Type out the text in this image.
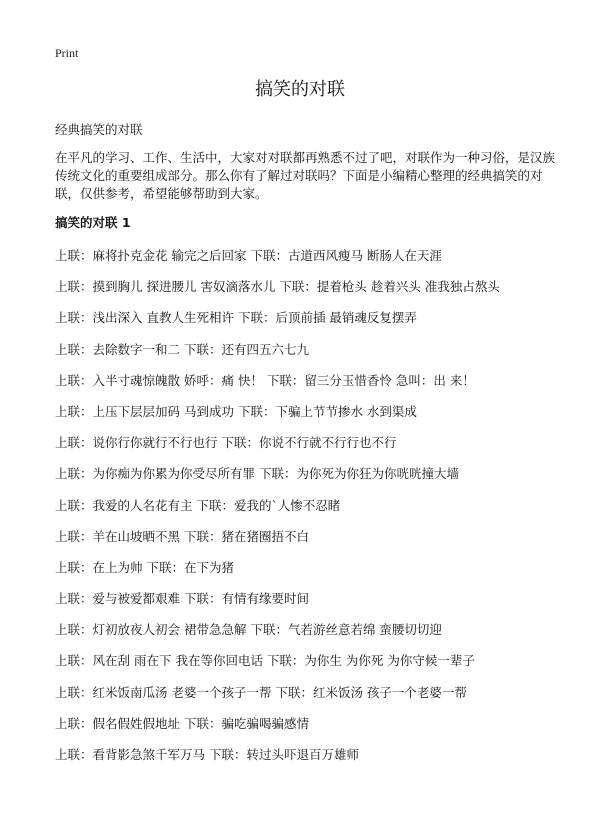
Print
搞笑的对联
经典搞笑的对联

在平凡的学习、工作、生活中，大家对对联都再熟悉不过了吧，对联作为一种习俗，是汉族传统文化的重要组成部分。那么你有了解过对联吗？下面是小编精心整理的经典搞笑的对联，仅供参考，希望能够帮助到大家。

搞笑的对联 1
上联：麻将扑克金花 输完之后回家 下联：古道西风瘦马 断肠人在天涯
上联：摸到胸儿 探进腰儿 害奴滴落水儿 下联：提着枪头 趁着兴头 准我独占熬头
上联：浅出深入 直教人生死相许 下联：后顶前插 最销魂反复摆弄
上联：去除数字一和二 下联：还有四五六七九
上联：入半寸魂惊魄散 娇呼：痛 快！ 下联：留三分玉惜香怜 急叫：出 来！
上联：上压下层层加码 马到成功 下联：下骗上节节掺水 水到渠成
上联：说你行你就行不行也行 下联：你说不行就不行行也不行
上联：为你痴为你累为你受尽所有罪 下联：为你死为你狂为你咣咣撞大墙
上联：我爱的人名花有主 下联：爱我的`人惨不忍睹
上联：羊在山坡晒不黑 下联：猪在猪圈捂不白
上联：在上为帅 下联：在下为猪
上联：爱与被爱都艰难 下联：有情有缘要时间
上联：灯初放夜人初会 裙带急急解 下联：气若游丝意若绵 蛮腰切切迎
上联：风在刮 雨在下 我在等你回电话 下联：为你生 为你死 为你守候一辈子
上联：红米饭南瓜汤 老婆一个孩子一帮 下联：红米饭汤 孩子一个老婆一帮
上联：假名假姓假地址 下联：骗吃骗喝骗感情
上联：看背影急煞千军万马 下联：转过头吓退百万雄师
